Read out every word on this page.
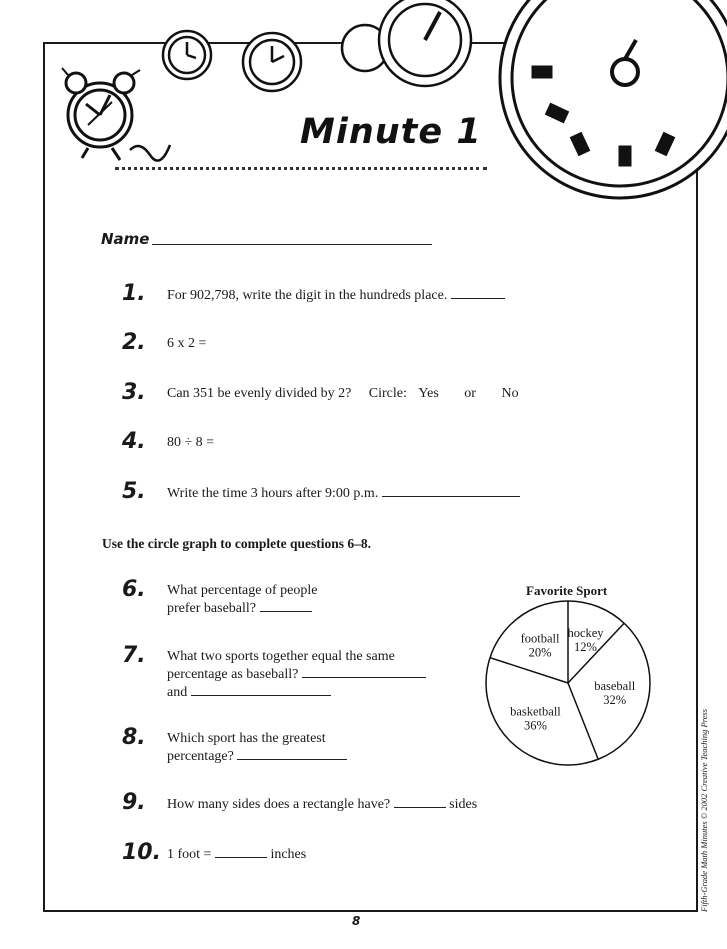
Minute 1
Name
1.	For 902,798, write the digit in the hundreds place.
2.	6 x 2 =
3.	Can 351 be evenly divided by 2? Circle: Yes or No
4.	80 ÷ 8 =
5.	Write the time 3 hours after 9:00 p.m.
Use the circle graph to complete questions 6–8.
6.	What percentage of people
prefer baseball?
7.	What two sports together equal the same
percentage as baseball?
and
8.	Which sport has the greatest
percentage?
9.	How many sides does a rectangle have?	sides
10. 1 foot =	inches
Favorite Sport
hockey
12%
baseball
32%
basketball
36%
football
20%
8
Fifth-Grade Math Minutes © 2002 Creative Teaching Press
